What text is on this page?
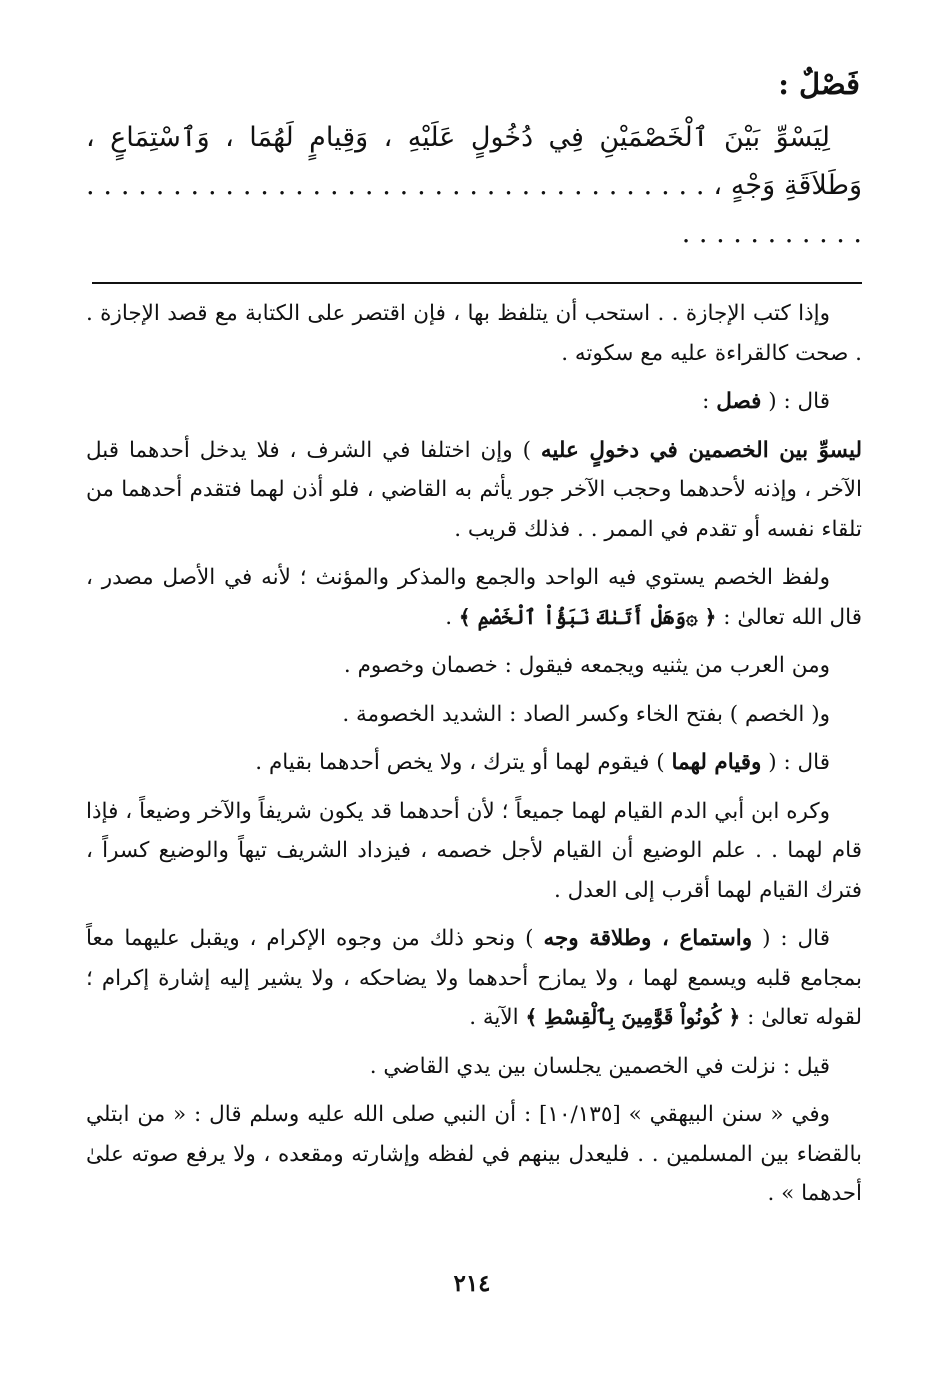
فَصْلٌ :

لِيَسْوِّ بَيْنَ ٱلْخَصْمَيْنِ فِي دُخُولٍ عَلَيْهِ ، وَقِيامٍ لَهُمَا ، وَٱسْتِمَاعٍ ، وَطَلاَقَةِ وَجْهٍ ، . . . . . . . . . . . . . . . . . . . . . . . . . . . . . . . . . . . . . . . . . . . . . . .

وإذا كتب الإجازة . . استحب أن يتلفظ بها ، فإن اقتصر على الكتابة مع قصد الإجازة . . صحت كالقراءة عليه مع سكوته .

قال : ( فصل :

ليسوِّ بين الخصمين في دخولٍ عليه ) وإن اختلفا في الشرف ، فلا يدخل أحدهما قبل الآخر ، وإذنه لأحدهما وحجب الآخر جور يأثم به القاضي ، فلو أذن لهما فتقدم أحدهما من تلقاء نفسه أو تقدم في الممر . . فذلك قريب .

ولفظ الخصم يستوي فيه الواحد والجمع والمذكر والمؤنث ؛ لأنه في الأصل مصدر ، قال الله تعالىٰ : ﴿ ۞وَهَلْ أَتَىٰكَ نَبَؤُاْ ٱلْخَصْمِ ﴾ .

ومن العرب من يثنيه ويجمعه فيقول : خصمان وخصوم .

و( الخصم ) بفتح الخاء وكسر الصاد : الشديد الخصومة .

قال : ( وقيام لهما ) فيقوم لهما أو يترك ، ولا يخص أحدهما بقيام .

وكره ابن أبي الدم القيام لهما جميعاً ؛ لأن أحدهما قد يكون شريفاً والآخر وضيعاً ، فإذا قام لهما . . علم الوضيع أن القيام لأجل خصمه ، فيزداد الشريف تيهاً والوضيع كسراً ، فترك القيام لهما أقرب إلى العدل .

قال : ( واستماع ، وطلاقة وجه ) ونحو ذلك من وجوه الإكرام ، ويقبل عليهما معاً بمجامع قلبه ويسمع لهما ، ولا يمازح أحدهما ولا يضاحكه ، ولا يشير إليه إشارة إكرام ؛ لقوله تعالىٰ : ﴿ كُونُواْ قَوَّٰمِينَ بِٱلْقِسْطِ ﴾ الآية .

قيل : نزلت في الخصمين يجلسان بين يدي القاضي .

وفي « سنن البيهقي » [١٠/١٣٥] : أن النبي صلى الله عليه وسلم قال : « من ابتلي بالقضاء بين المسلمين . . فليعدل بينهم في لفظه وإشارته ومقعده ، ولا يرفع صوته علىٰ أحدهما » .

٢١٤
